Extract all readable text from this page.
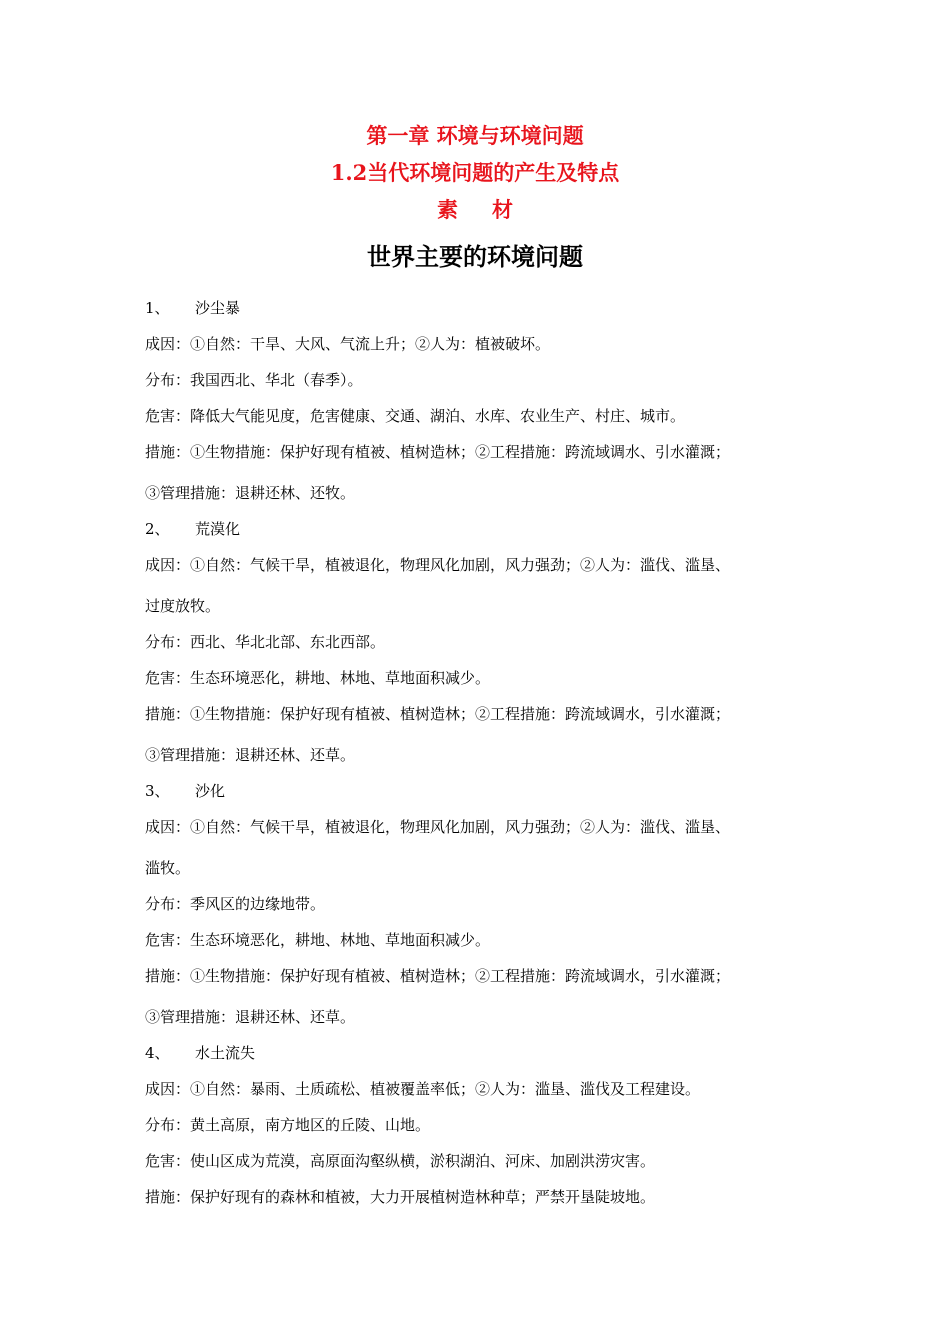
第一章 环境与环境问题
1.2当代环境问题的产生及特点
素 材
世界主要的环境问题
1、 沙尘暴
成因：①自然：干旱、大风、气流上升；②人为：植被破坏。
分布：我国西北、华北（春季）。
危害：降低大气能见度，危害健康、交通、湖泊、水库、农业生产、村庄、城市。
措施：①生物措施：保护好现有植被、植树造林；②工程措施：跨流域调水、引水灌溉；
③管理措施：退耕还林、还牧。
2、 荒漠化
成因：①自然：气候干旱，植被退化，物理风化加剧，风力强劲；②人为：滥伐、滥垦、
过度放牧。
分布：西北、华北北部、东北西部。
危害：生态环境恶化，耕地、林地、草地面积减少。
措施：①生物措施：保护好现有植被、植树造林；②工程措施：跨流域调水，引水灌溉；
③管理措施：退耕还林、还草。
3、 沙化
成因：①自然：气候干旱，植被退化，物理风化加剧，风力强劲；②人为：滥伐、滥垦、
滥牧。
分布：季风区的边缘地带。
危害：生态环境恶化，耕地、林地、草地面积减少。
措施：①生物措施：保护好现有植被、植树造林；②工程措施：跨流域调水，引水灌溉；
③管理措施：退耕还林、还草。
4、 水土流失
成因：①自然：暴雨、土质疏松、植被覆盖率低；②人为：滥垦、滥伐及工程建设。
分布：黄土高原，南方地区的丘陵、山地。
危害：使山区成为荒漠，高原面沟壑纵横，淤积湖泊、河床、加剧洪涝灾害。
措施：保护好现有的森林和植被，大力开展植树造林种草；严禁开垦陡坡地。
